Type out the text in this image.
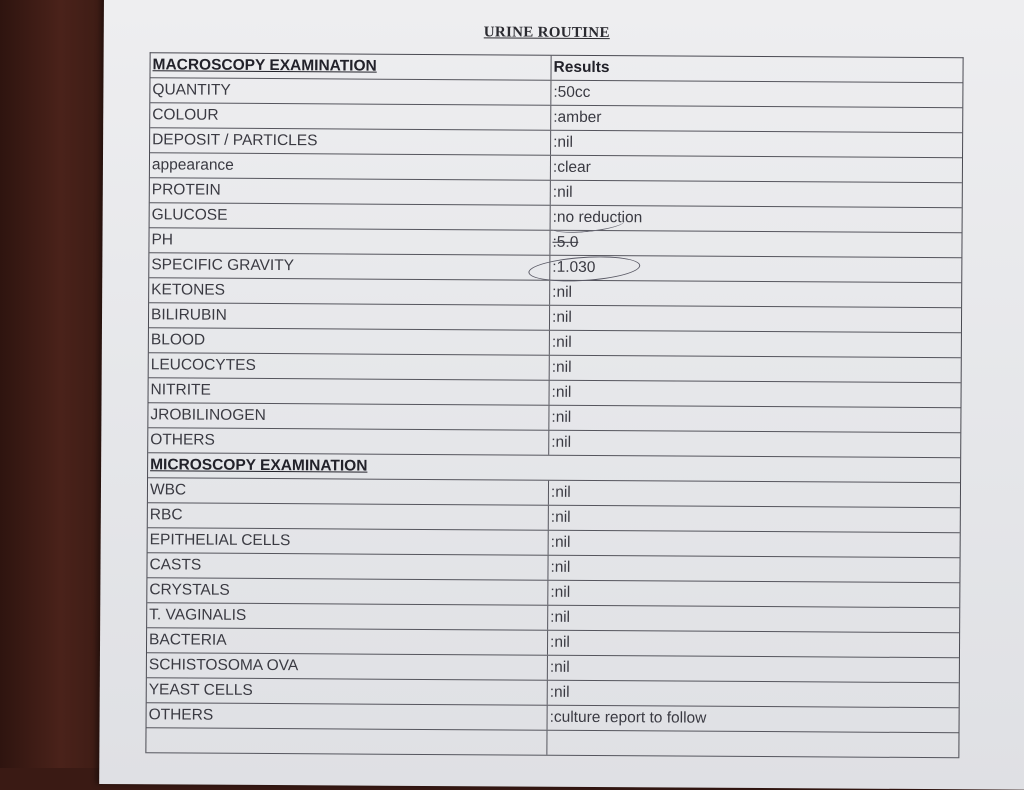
URINE ROUTINE
MACROSCOPY EXAMINATION	Results
QUANTITY	:50cc
COLOUR	:amber
DEPOSIT / PARTICLES	:nil
appearance	:clear
PROTEIN	:nil
GLUCOSE	:no reduction
PH	:5.0
SPECIFIC GRAVITY	:1.030
KETONES	:nil
BILIRUBIN	:nil
BLOOD	:nil
LEUCOCYTES	:nil
NITRITE	:nil
JROBILINOGEN	:nil
OTHERS	:nil
MICROSCOPY EXAMINATION
WBC	:nil
RBC	:nil
EPITHELIAL CELLS	:nil
CASTS	:nil
CRYSTALS	:nil
T. VAGINALIS	:nil
BACTERIA	:nil
SCHISTOSOMA OVA	:nil
YEAST CELLS	:nil
OTHERS	:culture report to follow
